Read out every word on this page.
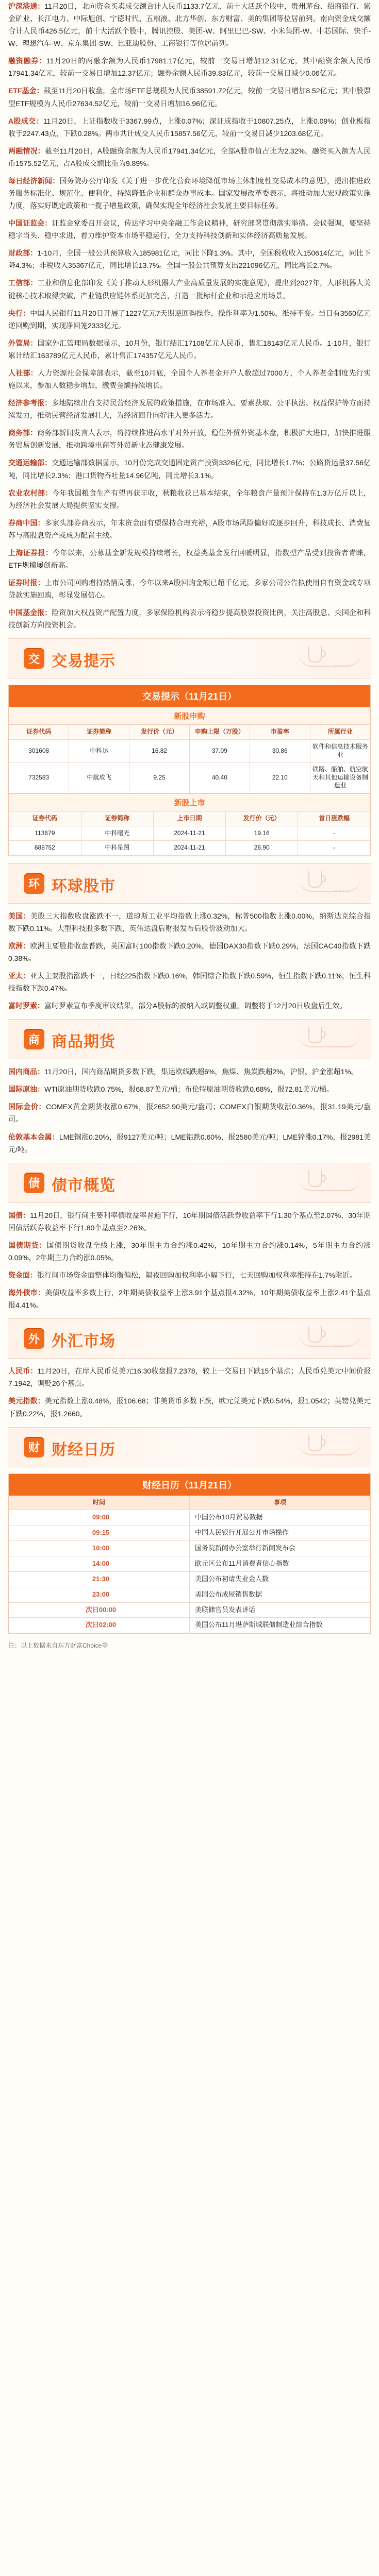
沪深港通：11月20日，北向资金买卖成交额合计人民币1133.7亿元，前十大活跃个股中，贵州茅台、招商银行、紫金矿业、长江电力、中际旭创、宁德时代、五粮液、北方华创、东方财富、美的集团等位居前列。南向资金成交额合计人民币426.5亿元，前十大活跃个股中，腾讯控股、美团-W、阿里巴巴-SW、小米集团-W、中芯国际、快手-W、理想汽车-W、京东集团-SW、比亚迪股份、工商银行等位居前列。

融资融券：11月20日的两融余额为人民币17981.17亿元，较前一交易日增加12.31亿元，其中融资余额人民币17941.34亿元，较前一交易日增加12.37亿元；融券余额人民币39.83亿元，较前一交易日减少0.06亿元。

ETF基金：截至11月20日收盘，全市场ETF总规模为人民币38591.72亿元，较前一交易日增加8.52亿元；其中股票型ETF规模为人民币27634.52亿元，较前一交易日增加16.96亿元。

A股成交：11月20日，上证指数收于3367.99点，上涨0.07%；深证成指收于10807.25点，上涨0.09%；创业板指收于2247.43点，下跌0.28%。两市共计成交人民币15857.56亿元，较前一交易日减少1203.68亿元。

两融情况：截至11月20日，A股融资余额为人民币17941.34亿元，全部A股市值占比为2.32%，融资买入额为人民币1575.52亿元，占A股成交额比重为9.89%。

每日经济新闻：国务院办公厅印发《关于进一步优化营商环境降低市场主体制度性交易成本的意见》，提出推进政务服务标准化、规范化、便利化，持续降低企业和群众办事成本。国家发展改革委表示，将推动加大宏观政策实施力度，落实好既定政策和一揽子增量政策，确保实现全年经济社会发展主要目标任务。

中国证监会：证监会党委召开会议，传达学习中央金融工作会议精神，研究部署贯彻落实举措。会议强调，要坚持稳字当头、稳中求进，着力维护资本市场平稳运行，全力支持科技创新和实体经济高质量发展。

财政部：1-10月，全国一般公共预算收入185981亿元，同比下降1.3%。其中，全国税收收入150614亿元，同比下降4.3%；非税收入35367亿元，同比增长13.7%。全国一般公共预算支出221096亿元，同比增长2.7%。

工信部：工业和信息化部印发《关于推动人形机器人产业高质量发展的实施意见》，提出到2027年，人形机器人关键核心技术取得突破，产业链供应链体系更加完善，打造一批标杆企业和示范应用场景。

央行：中国人民银行11月20日开展了1227亿元7天期逆回购操作，操作利率为1.50%，维持不变。当日有3560亿元逆回购到期，实现净回笼2333亿元。

外管局：国家外汇管理局数据显示，10月份，银行结汇17108亿元人民币，售汇18143亿元人民币。1-10月，银行累计结汇163789亿元人民币，累计售汇174357亿元人民币。

人社部：人力资源社会保障部表示，截至10月底，全国个人养老金开户人数超过7000万，个人养老金制度先行实施以来，参加人数稳步增加，缴费金额持续增长。

经济参考报：多地陆续出台支持民营经济发展的政策措施，在市场准入、要素获取、公平执法、权益保护等方面持续发力，推动民营经济发展壮大，为经济回升向好注入更多活力。

商务部：商务部新闻发言人表示，将持续推进高水平对外开放，稳住外贸外资基本盘，积极扩大进口，加快推进服务贸易创新发展，推动跨境电商等外贸新业态健康发展。

交通运输部：交通运输部数据显示，10月份完成交通固定资产投资3326亿元，同比增长1.7%；公路货运量37.56亿吨，同比增长2.3%；港口货物吞吐量14.96亿吨，同比增长3.1%。

农业农村部：今年我国粮食生产有望再获丰收，秋粮收获已基本结束，全年粮食产量预计保持在1.3万亿斤以上，为经济社会发展大局提供坚实支撑。

券商中国：多家头部券商表示，年末资金面有望保持合理充裕，A股市场风险偏好或逐步回升，科技成长、消费复苏与高股息资产或成为配置主线。

上海证券报：今年以来，公募基金新发规模持续增长，权益类基金发行回暖明显，指数型产品受到投资者青睐，ETF规模屡创新高。

证券时报：上市公司回购增持热情高涨，今年以来A股回购金额已超千亿元，多家公司公告拟使用自有资金或专项贷款实施回购，彰显发展信心。

中国基金报：险资加大权益资产配置力度，多家保险机构表示将稳步提高股票投资比例，关注高股息、央国企和科技创新方向投资机会。

交 交易提示	••••
交易提示（11月21日）
新股申购
证券代码	证券简称	发行价（元）	申购上限（万股）	市盈率	所属行业
301608	中科达	16.82	37.09	30.86	软件和信息技术服务业
732583	中航成飞	9.25	40.40	22.10	铁路、船舶、航空航天和其他运输设备制造业
新股上市
证券代码	证券简称	上市日期	发行价（元）	首日涨跌幅
113679	中科曙光	2024-11-21	19.16	-
688752	中科星图	2024-11-21	26.90	-
环 环球股市	••••

美国：美股三大指数收盘涨跌不一，道琼斯工业平均指数上涨0.32%，标普500指数上涨0.00%，纳斯达克综合指数下跌0.11%。大型科技股多数下跌，英伟达盘后财报发布后股价波动加大。

欧洲：欧洲主要股指收盘普跌，英国富时100指数下跌0.20%，德国DAX30指数下跌0.29%，法国CAC40指数下跌0.38%。

亚太：亚太主要股指涨跌不一，日经225指数下跌0.16%，韩国综合指数下跌0.59%，恒生指数下跌0.11%，恒生科技指数下跌0.47%。

富时罗素：富时罗素宣布季度审议结果，部分A股标的被纳入或调整权重，调整将于12月20日收盘后生效。

商 商品期货	••••

国内商品：11月20日，国内商品期货多数下跌，集运欧线跌超6%，焦煤、焦炭跌超2%，沪银、沪金涨超1%。

国际原油：WTI原油期货收跌0.75%，报68.87美元/桶；布伦特原油期货收跌0.68%，报72.81美元/桶。

国际金价：COMEX黄金期货收涨0.67%，报2652.90美元/盎司；COMEX白银期货收涨0.36%，报31.19美元/盎司。

伦敦基本金属：LME铜涨0.20%，报9127美元/吨；LME铝跌0.60%，报2580美元/吨；LME锌涨0.17%，报2981美元/吨。

债 债市概览	••••

国债：11月20日，银行间主要利率债收益率普遍下行，10年期国债活跃券收益率下行1.30个基点至2.07%，30年期国债活跃券收益率下行1.80个基点至2.26%。

国债期货：国债期货收盘全线上涨，30年期主力合约涨0.42%，10年期主力合约涨0.14%，5年期主力合约涨0.09%，2年期主力合约涨0.05%。

资金面：银行间市场资金面整体均衡偏松，隔夜回购加权利率小幅下行，七天回购加权利率维持在1.7%附近。

海外债市：美债收益率多数上行，2年期美债收益率上涨3.91个基点报4.32%，10年期美债收益率上涨2.41个基点报4.41%。

外 外汇市场	••••

人民币：11月20日，在岸人民币兑美元16:30收盘报7.2378，较上一交易日下跌15个基点；人民币兑美元中间价报7.1942，调贬26个基点。

美元指数：美元指数上涨0.48%，报106.68；非美货币多数下跌，欧元兑美元下跌0.54%，报1.0542；英镑兑美元下跌0.22%，报1.2660。

财 财经日历	••••
财经日历（11月21日）
时间	事项
09:00	中国公布10月贸易数据
09:15	中国人民银行开展公开市场操作
10:00	国务院新闻办公室举行新闻发布会
14:00	欧元区公布11月消费者信心指数
21:30	美国公布初请失业金人数
23:00	美国公布成屋销售数据
次日00:00	美联储官员发表讲话
次日02:00	美国公布11月堪萨斯城联储制造业综合指数
注：以上数据来自东方财富Choice等
